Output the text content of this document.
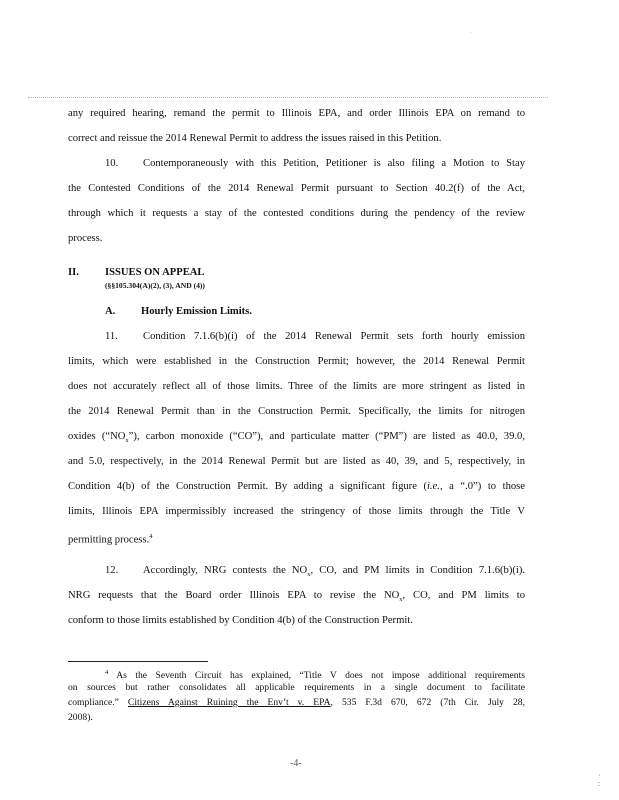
·
any required hearing, remand the permit to Illinois EPA, and order Illinois EPA on remand to
correct and reissue the 2014 Renewal Permit to address the issues raised in this Petition.
10. Contemporaneously with this Petition, Petitioner is also filing a Motion to Stay
the Contested Conditions of the 2014 Renewal Permit pursuant to Section 40.2(f) of the Act,
through which it requests a stay of the contested conditions during the pendency of the review
process.
II. ISSUES ON APPEAL
(§§105.304(A)(2), (3), AND (4))
A. Hourly Emission Limits.
11. Condition 7.1.6(b)(i) of the 2014 Renewal Permit sets forth hourly emission
limits, which were established in the Construction Permit; however, the 2014 Renewal Permit
does not accurately reflect all of those limits. Three of the limits are more stringent as listed in
the 2014 Renewal Permit than in the Construction Permit. Specifically, the limits for nitrogen
oxides $(“NO_x”)$, carbon monoxide (“CO”), and particulate matter (“PM”) are listed as 40.0, 39.0,
and 5.0, respectively, in the 2014 Renewal Permit but are listed as 40, 39, and 5, respectively, in
Condition 4(b) of the Construction Permit. By adding a significant figure (i.e., a “.0”) to those
limits, Illinois EPA impermissibly increased the stringency of those limits through the Title V
permitting process.$^4$
12. Accordingly, NRG contests the $NO_x$, CO, and PM limits in Condition 7.1.6(b)(i).
NRG requests that the Board order Illinois EPA to revise the $NO_x$, CO, and PM limits to
conform to those limits established by Condition 4(b) of the Construction Permit.
$^4$ As the Seventh Circuit has explained, “Title V does not impose additional requirements
on sources but rather consolidates all applicable requirements in a single document to facilitate
compliance.” Citizens Against Ruining the Env’t v. EPA, 535 F.3d 670, 672 (7th Cir. July 28,
2008).
-4-
·
:
